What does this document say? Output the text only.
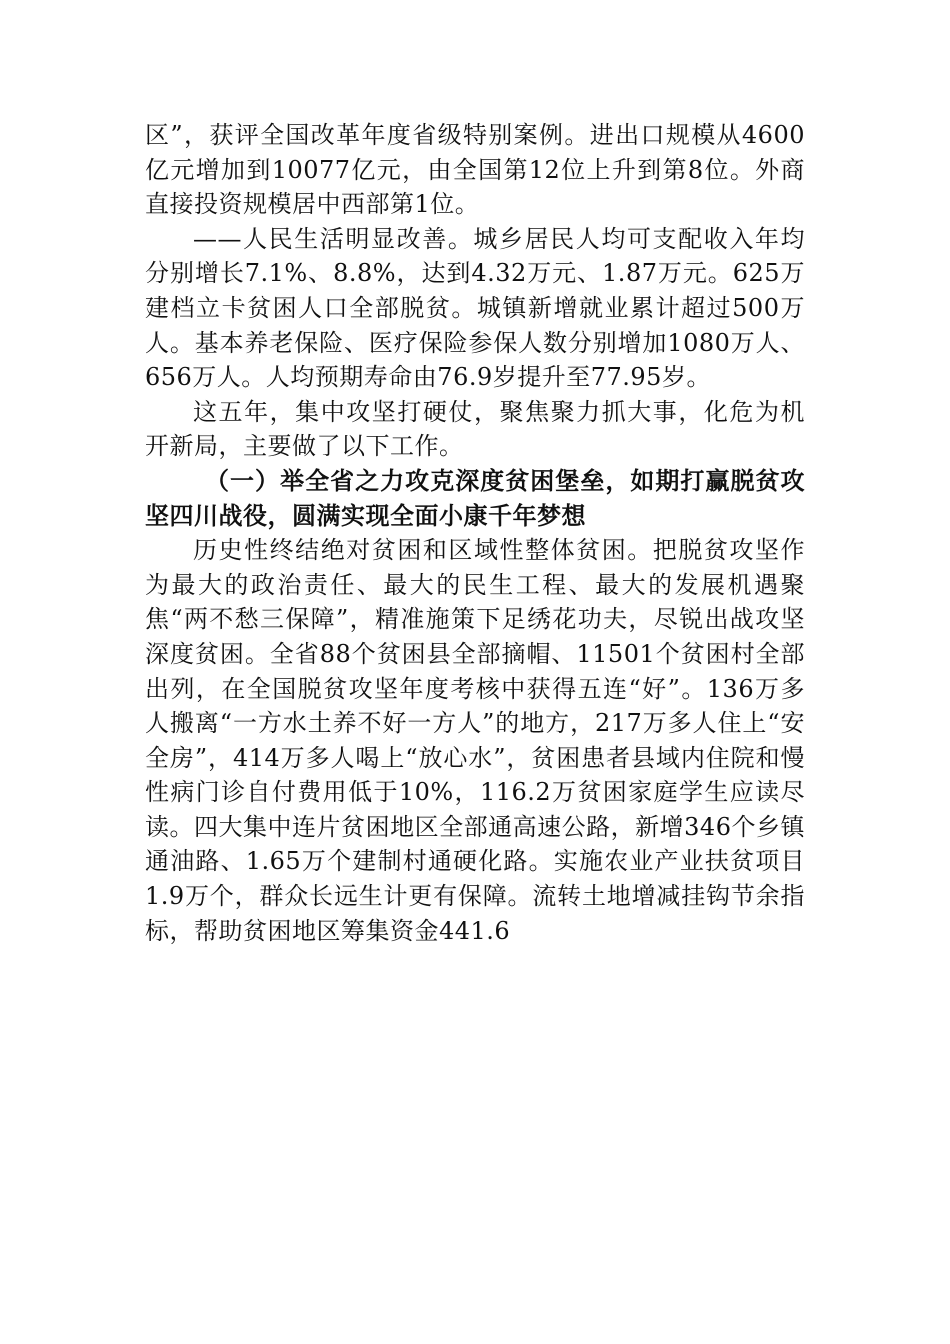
区”，获评全国改革年度省级特别案例。进出口规模从4600亿元增加到10077亿元，由全国第12位上升到第8位。外商直接投资规模居中西部第1位。

——人民生活明显改善。城乡居民人均可支配收入年均分别增长7.1%、8.8%，达到4.32万元、1.87万元。625万建档立卡贫困人口全部脱贫。城镇新增就业累计超过500万人。基本养老保险、医疗保险参保人数分别增加1080万人、656万人。人均预期寿命由76.9岁提升至77.95岁。

这五年，集中攻坚打硬仗，聚焦聚力抓大事，化危为机开新局，主要做了以下工作。

（一）举全省之力攻克深度贫困堡垒，如期打赢脱贫攻坚四川战役，圆满实现全面小康千年梦想

历史性终结绝对贫困和区域性整体贫困。把脱贫攻坚作为最大的政治责任、最大的民生工程、最大的发展机遇聚焦“两不愁三保障”，精准施策下足绣花功夫，尽锐出战攻坚深度贫困。全省88个贫困县全部摘帽、11501个贫困村全部出列，在全国脱贫攻坚年度考核中获得五连“好”。136万多人搬离“一方水土养不好一方人”的地方，217万多人住上“安全房”，414万多人喝上“放心水”，贫困患者县域内住院和慢性病门诊自付费用低于10%，116.2万贫困家庭学生应读尽读。四大集中连片贫困地区全部通高速公路，新增346个乡镇通油路、1.65万个建制村通硬化路。实施农业产业扶贫项目1.9万个，群众长远生计更有保障。流转土地增减挂钩节余指标，帮助贫困地区筹集资金441.6
